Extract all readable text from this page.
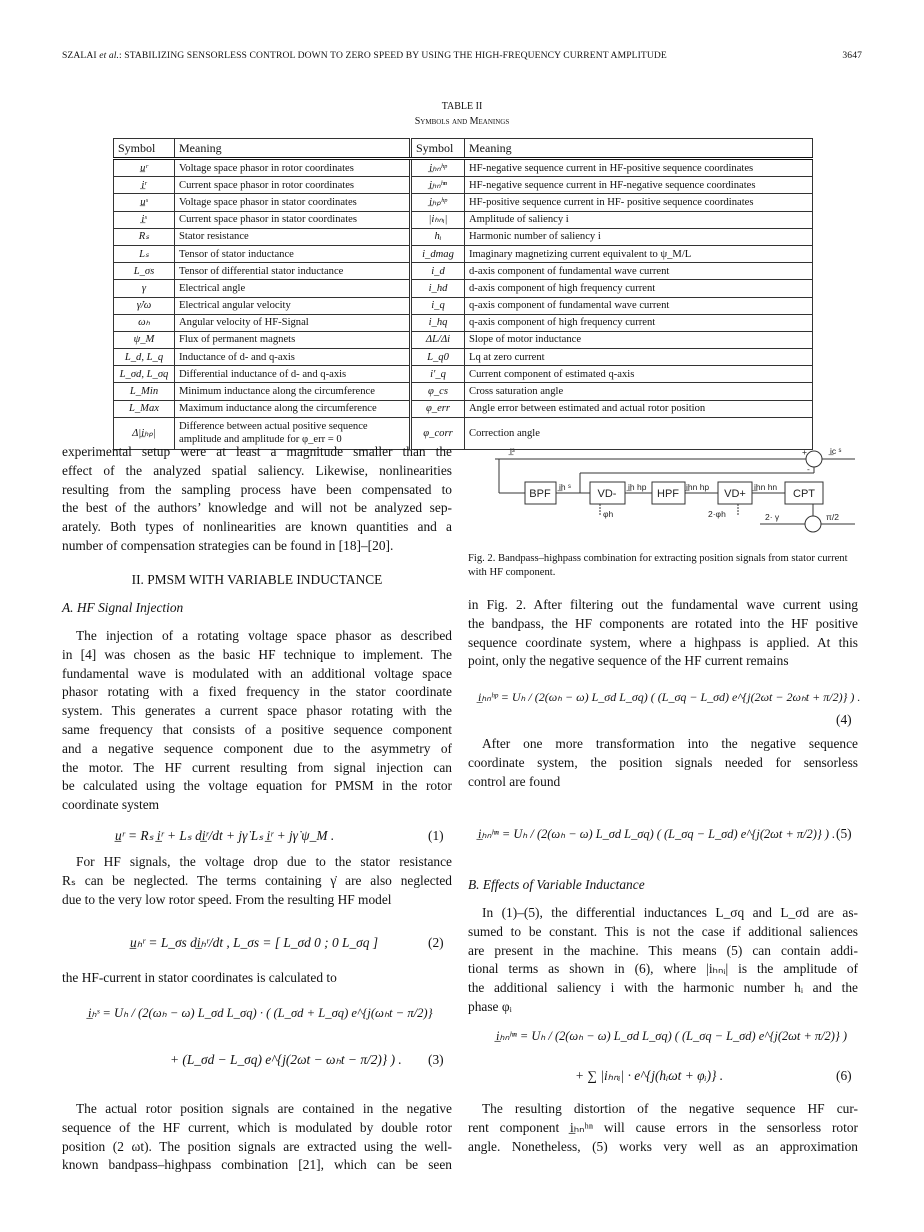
SZALAI et al.: STABILIZING SENSORLESS CONTROL DOWN TO ZERO SPEED BY USING THE HIGH-FREQUENCY CURRENT AMPLITUDE	3647
TABLE II
Symbols and Meanings
Symbol	Meaning	Symbol	Meaning
u̲ʳ	Voltage space phasor in rotor coordinates	i̲ₕₙʰᵖ	HF-negative sequence current in HF-positive sequence coordinates
i̲ʳ	Current space phasor in rotor coordinates	i̲ₕₙʰⁿ	HF-negative sequence current in HF-negative sequence coordinates
u̲ˢ	Voltage space phasor in stator coordinates	i̲ₕₚʰᵖ	HF-positive sequence current in HF- positive sequence coordinates
i̲ˢ	Current space phasor in stator coordinates	|iₕₙᵢ|	Amplitude of saliency i
Rₛ	Stator resistance	hᵢ	Harmonic number of saliency i
Lₛ	Tensor of stator inductance	i_dmag	Imaginary magnetizing current equivalent to ψ_M/L
L_σs	Tensor of differential stator inductance	i_d	d-axis component of fundamental wave current
γ	Electrical angle	i_hd	d-axis component of high frequency current
γ̇/ω	Electrical angular velocity	i_q	q-axis component of fundamental wave current
ωₕ	Angular velocity of HF-Signal	i_hq	q-axis component of high frequency current
ψ_M	Flux of permanent magnets	ΔL/Δi	Slope of motor inductance
L_d, L_q	Inductance of d- and q-axis	L_q0	Lq at zero current
L_σd, L_σq	Differential inductance of d- and q-axis	i′_q	Current component of estimated q-axis
L_Min	Minimum inductance along the circumference	φ_cs	Cross saturation angle
L_Max	Maximum inductance along the circumference	φ_err	Angle error between estimated and actual rotor position
Δ|i̲ₕₚ|	Difference between actual positive sequence amplitude and amplitude for φ_err = 0	φ_corr	Correction angle
experimental setup were at least a magnitude smaller than the
effect of the analyzed spatial saliency. Likewise, nonlinearities
resulting from the sampling process have been compensated to
the best of the authors’ knowledge and will not be analyzed sep-
arately. Both types of nonlinearities are known quantities and a
number of compensation strategies can be found in [18]–[20].
II. PMSM WITH VARIABLE INDUCTANCE
A. HF Signal Injection
The injection of a rotating voltage space phasor as described
in [4] was chosen as the basic HF technique to implement. The
fundamental wave is modulated with an additional voltage space
phasor rotating with a fixed frequency in the stator coordinate
system. This generates a current space phasor rotating with the
same frequency that consists of a positive sequence component
and a negative sequence component due to the asymmetry of
the motor. The HF current resulting from signal injection can
be calculated using the voltage equation for PMSM in the rotor
coordinate system
u̲ʳ = Rₛ i̲ʳ + Lₛ di̲ʳ/dt + jγ̇ Lₛ i̲ʳ + jγ̇ ψ_M .	(1)
For HF signals, the voltage drop due to the stator resistance
Rₛ can be neglected. The terms containing γ̇ are also neglected
due to the very low rotor speed. From the resulting HF model
u̲ₕʳ = L_σs di̲ₕʳ/dt , L_σs = [ L_σd 0 ; 0 L_σq ]	(2)
the HF-current in stator coordinates is calculated to
i̲ₕˢ = Uₕ / (2(ωₕ − ω) L_σd L_σq) · ( (L_σd + L_σq) e^{j(ωₕt − π/2)}
+ (L_σd − L_σq) e^{j(2ωt − ωₕt − π/2)} ) . (3)
The actual rotor position signals are contained in the negative
sequence of the HF current, which is modulated by double rotor
position (2 ωt). The position signals are extracted using the well-
known bandpass–highpass combination [21], which can be seen
BPF	VD-	HPF	VD+	CPT
i̲ˢ	i̲c ˢ
i̲h ˢ	i̲h hp	i̲hn hp	i̲hn hn
φh	2·φh	2· γ	π/2
+
-
Fig. 2. Bandpass–highpass combination for extracting position signals from stator current with HF component.
in Fig. 2. After filtering out the fundamental wave current using
the bandpass, the HF components are rotated into the HF positive
sequence coordinate system, where a highpass is applied. At this
point, only the negative sequence of the HF current remains
i̲ₕₙʰᵖ = Uₕ / (2(ωₕ − ω) L_σd L_σq) ( (L_σq − L_σd) e^{j(2ωt − 2ωₕt + π/2)} ) .
(4)
After one more transformation into the negative sequence
coordinate system, the position signals needed for sensorless
control are found
i̲ₕₙʰⁿ = Uₕ / (2(ωₕ − ω) L_σd L_σq) ( (L_σq − L_σd) e^{j(2ωt + π/2)} ) . (5)
B. Effects of Variable Inductance
In (1)–(5), the differential inductances L_σq and L_σd are as-
sumed to be constant. This is not the case if additional saliences
are present in the machine. This means (5) can contain addi-
tional terms as shown in (6), where |iₕₙᵢ| is the amplitude of
the additional saliency i with the harmonic number hᵢ and the
phase φᵢ
i̲ₕₙʰⁿ = Uₕ / (2(ωₕ − ω) L_σd L_σq) ( (L_σq − L_σd) e^{j(2ωt + π/2)} )
+ ∑ |iₕₙᵢ| · e^{j(hᵢωt + φᵢ)} .	(6)
The resulting distortion of the negative sequence HF cur-
rent component i̲ₕₙʰⁿ will cause errors in the sensorless rotor
angle. Nonetheless, (5) works very well as an approximation
